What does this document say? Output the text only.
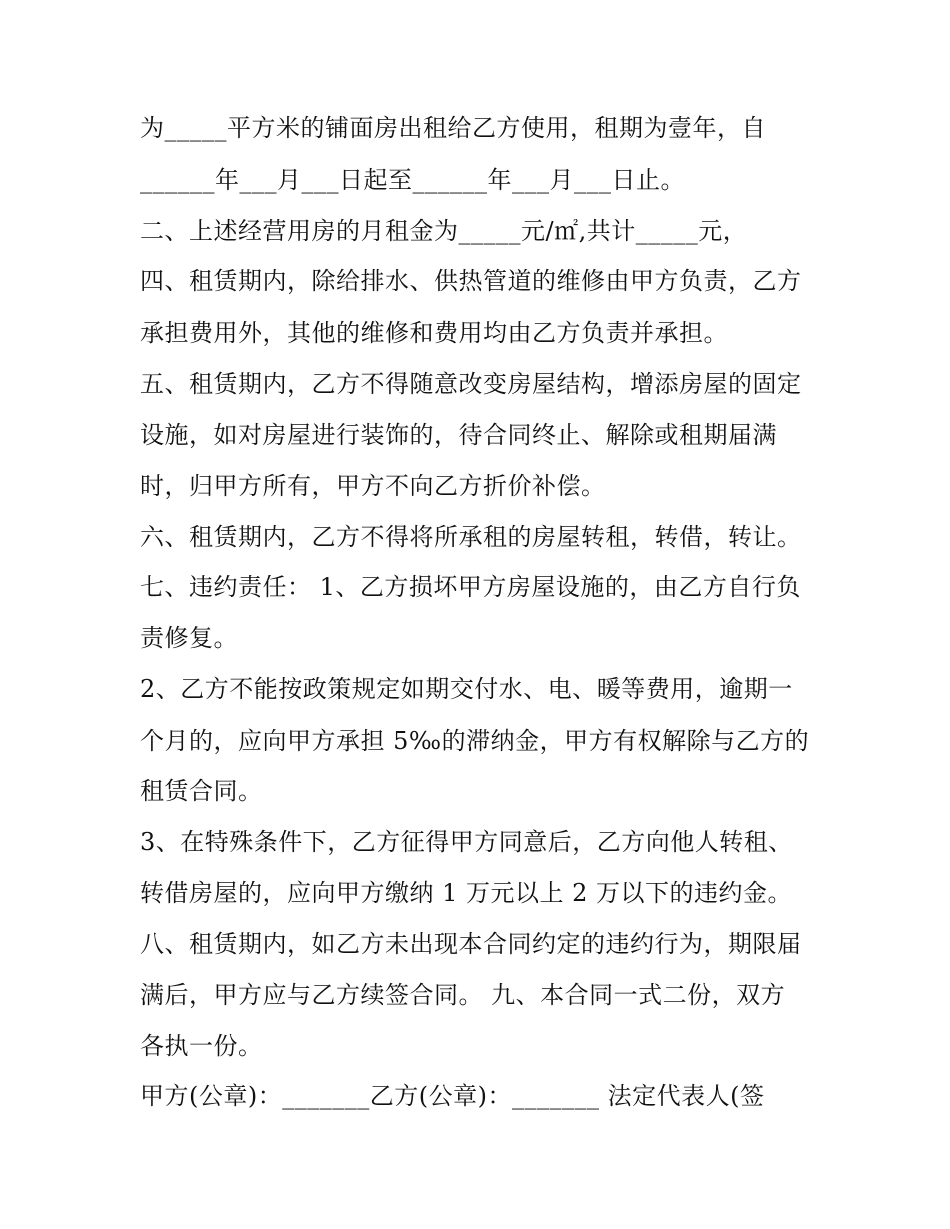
为_____平方米的铺面房出租给乙方使用，租期为壹年，自
______年___月___日起至______年___月___日止。
二、上述经营用房的月租金为_____元/㎡,共计_____元，
四、租赁期内，除给排水、供热管道的维修由甲方负责，乙方
承担费用外，其他的维修和费用均由乙方负责并承担。
五、租赁期内，乙方不得随意改变房屋结构，增添房屋的固定
设施，如对房屋进行装饰的，待合同终止、解除或租期届满
时，归甲方所有，甲方不向乙方折价补偿。
六、租赁期内，乙方不得将所承租的房屋转租，转借，转让。
七、违约责任： 1、乙方损坏甲方房屋设施的，由乙方自行负
责修复。
2、乙方不能按政策规定如期交付水、电、暖等费用，逾期一
个月的，应向甲方承担 5‰的滞纳金，甲方有权解除与乙方的
租赁合同。
3、在特殊条件下，乙方征得甲方同意后，乙方向他人转租、
转借房屋的，应向甲方缴纳 1 万元以上 2 万以下的违约金。
八、租赁期内，如乙方未出现本合同约定的违约行为，期限届
满后，甲方应与乙方续签合同。 九、本合同一式二份，双方
各执一份。
甲方(公章)：_______乙方(公章)：_______ 法定代表人(签
